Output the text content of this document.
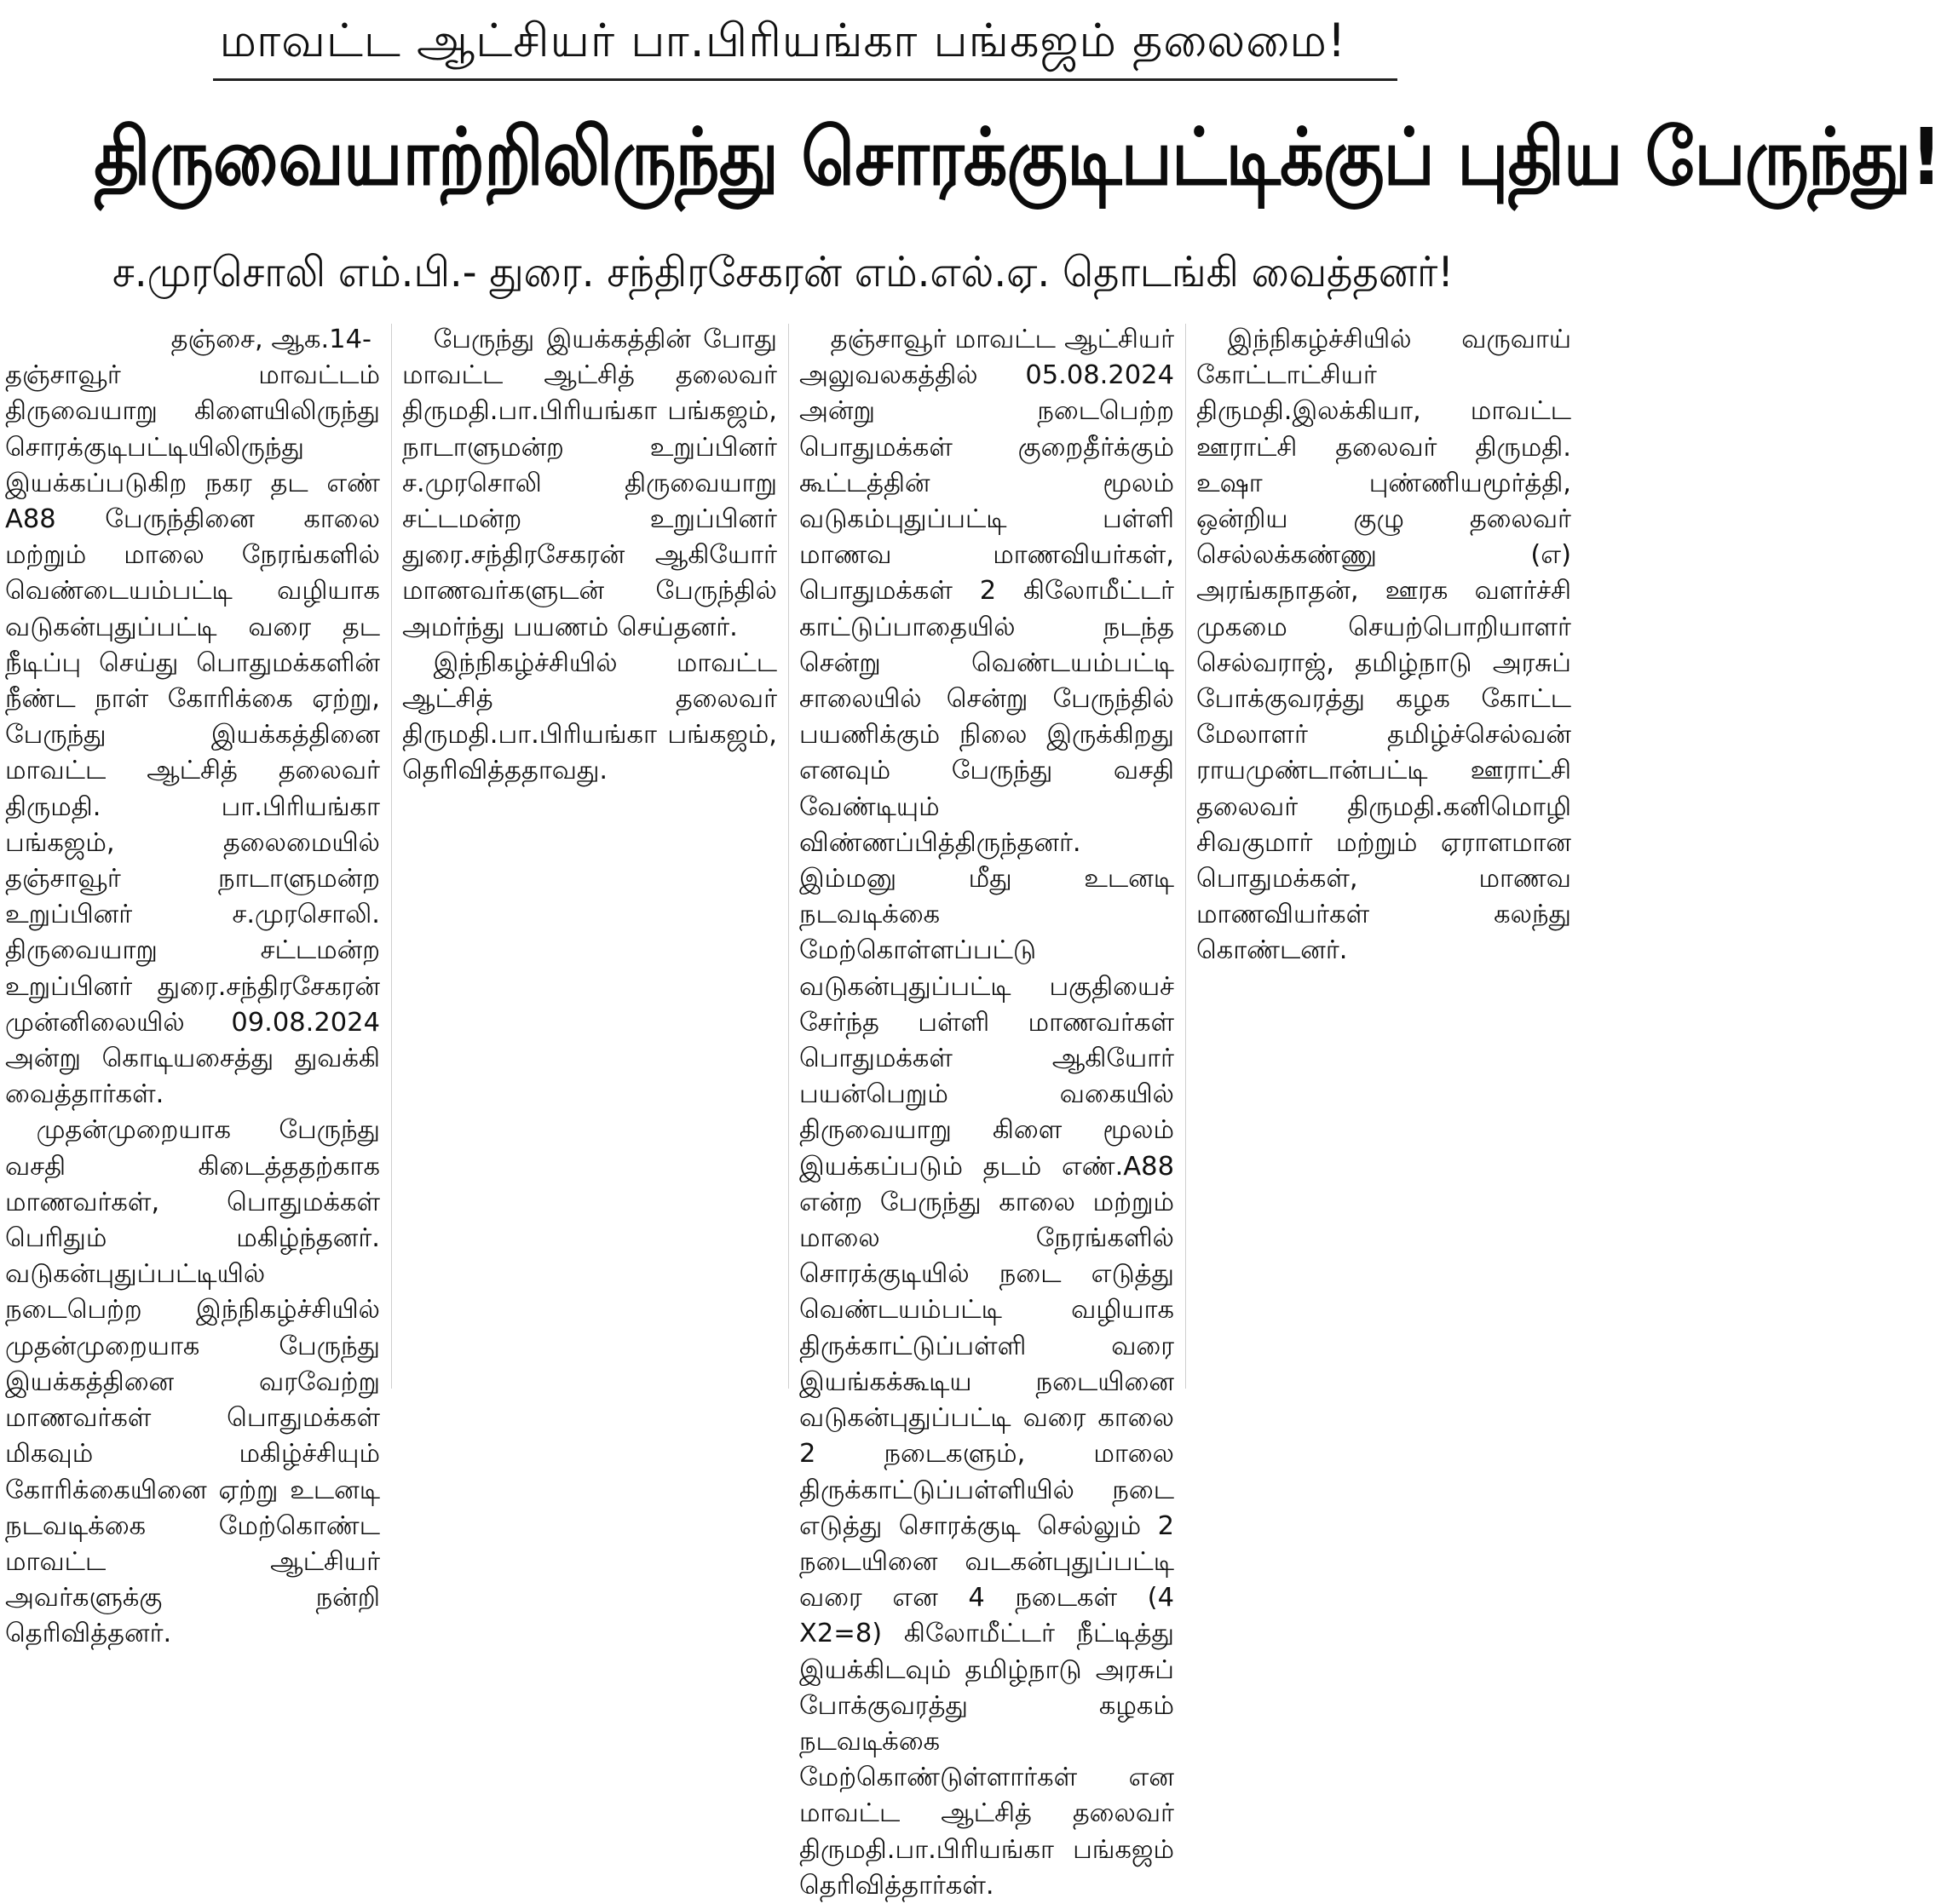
மாவட்ட ஆட்சியர் பா.பிரியங்கா பங்கஜம் தலைமை!
திருவையாற்றிலிருந்து சொரக்குடிபட்டிக்குப் புதிய பேருந்து!
ச.முரசொலி எம்.பி.- துரை. சந்திரசேகரன் எம்.எல்.ஏ. தொடங்கி வைத்தனர்!

தஞ்சை, ஆக.14-
தஞ்சாவூர் மாவட்டம் திருவையாறு கிளையிலிருந்து சொரக்குடிபட்டியிலிருந்து இயக்கப்படுகிற நகர தட எண் A88 பேருந்தினை காலை மற்றும் மாலை நேரங்களில் வெண்டையம்பட்டி வழியாக வடுகன்புதுப்பட்டி வரை தட நீடிப்பு செய்து பொதுமக்களின் நீண்ட நாள் கோரிக்கை ஏற்று, பேருந்து இயக்கத்தினை மாவட்ட ஆட்சித் தலைவர் திருமதி. பா.பிரியங்கா பங்கஜம், தலைமையில் தஞ்சாவூர் நாடாளுமன்ற உறுப்பினர் ச.முரசொலி. திருவையாறு சட்டமன்ற உறுப்பினர் துரை.சந்திரசேகரன் முன்னிலையில் 09.08.2024 அன்று கொடியசைத்து துவக்கி வைத்தார்கள்.

முதன்முறையாக பேருந்து வசதி கிடைத்ததற்காக மாணவர்கள், பொதுமக்கள் பெரிதும் மகிழ்ந்தனர். வடுகன்புதுப்பட்டியில் நடைபெற்ற இந்நிகழ்ச்சியில் முதன்முறையாக பேருந்து இயக்கத்தினை வரவேற்று மாணவர்கள் பொதுமக்கள் மிகவும் மகிழ்ச்சியும் கோரிக்கையினை ஏற்று உடனடி நடவடிக்கை மேற்கொண்ட மாவட்ட ஆட்சியர் அவர்களுக்கு நன்றி தெரிவித்தனர்.

பேருந்து இயக்கத்தின் போது மாவட்ட ஆட்சித் தலைவர் திருமதி.பா.பிரியங்கா பங்கஜம், நாடாளுமன்ற உறுப்பினர் ச.முரசொலி திருவையாறு சட்டமன்ற உறுப்பினர் துரை.சந்திரசேகரன் ஆகியோர் மாணவர்களுடன் பேருந்தில் அமர்ந்து பயணம் செய்தனர்.

இந்நிகழ்ச்சியில் மாவட்ட ஆட்சித் தலைவர் திருமதி.பா.பிரியங்கா பங்கஜம், தெரிவித்ததாவது.

தஞ்சாவூர் மாவட்ட ஆட்சியர் அலுவலகத்தில் 05.08.2024 அன்று நடைபெற்ற பொதுமக்கள் குறைதீர்க்கும் கூட்டத்தின் மூலம் வடுகம்புதுப்பட்டி பள்ளி மாணவ மாணவியர்கள், பொதுமக்கள் 2 கிலோமீட்டர் காட்டுப்பாதையில் நடந்த சென்று வெண்டயம்பட்டி சாலையில் சென்று பேருந்தில் பயணிக்கும் நிலை இருக்கிறது எனவும் பேருந்து வசதி வேண்டியும் விண்ணப்பித்திருந்தனர். இம்மனு மீது உடனடி நடவடிக்கை மேற்கொள்ளப்பட்டு வடுகன்புதுப்பட்டி பகுதியைச் சேர்ந்த பள்ளி மாணவர்கள் பொதுமக்கள் ஆகியோர் பயன்பெறும் வகையில் திருவையாறு கிளை மூலம் இயக்கப்படும் தடம் எண்.A88 என்ற பேருந்து காலை மற்றும் மாலை நேரங்களில் சொரக்குடியில் நடை எடுத்து வெண்டயம்பட்டி வழியாக திருக்காட்டுப்பள்ளி வரை இயங்கக்கூடிய நடையினை வடுகன்புதுப்பட்டி வரை காலை 2 நடைகளும், மாலை திருக்காட்டுப்பள்ளியில் நடை எடுத்து சொரக்குடி செல்லும் 2 நடையினை வடகன்புதுப்பட்டி வரை என 4 நடைகள் (4 X2=8) கிலோமீட்டர் நீட்டித்து இயக்கிடவும் தமிழ்நாடு அரசுப் போக்குவரத்து கழகம் நடவடிக்கை மேற்கொண்டுள்ளார்கள் என மாவட்ட ஆட்சித் தலைவர் திருமதி.பா.பிரியங்கா பங்கஜம் தெரிவித்தார்கள்.

இந்நிகழ்ச்சியில் வருவாய் கோட்டாட்சியர் திருமதி.இலக்கியா, மாவட்ட ஊராட்சி தலைவர் திருமதி. உஷா புண்ணியமூர்த்தி, ஒன்றிய குழு தலைவர் செல்லக்கண்ணு (எ) அரங்கநாதன், ஊரக வளர்ச்சி முகமை செயற்பொறியாளர் செல்வராஜ், தமிழ்நாடு அரசுப் போக்குவரத்து கழக கோட்ட மேலாளர் தமிழ்ச்செல்வன் ராயமுண்டான்பட்டி ஊராட்சி தலைவர் திருமதி.கனிமொழி சிவகுமார் மற்றும் ஏராளமான பொதுமக்கள், மாணவ மாணவியர்கள் கலந்து கொண்டனர்.
